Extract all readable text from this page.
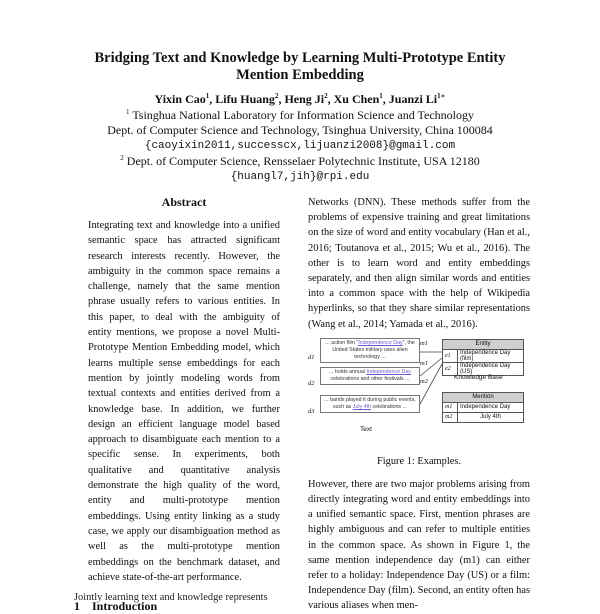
Bridging Text and Knowledge by Learning Multi-Prototype Entity
Mention Embedding
Yixin Cao$^1$, Lifu Huang$^2$, Heng Ji$^2$, Xu Chen$^1$, Juanzi $Li^{1∗}$
$^1$ Tsinghua National Laboratory for Information Science and Technology
Dept. of Computer Science and Technology, Tsinghua University, China 100084
{caoyixin2011,successcx,lijuanzi2008}@gmail.com
$^2$ Dept. of Computer Science, Rensselaer Polytechnic Institute, USA 12180
{huangl7,jih}@rpi.edu
Abstract
Integrating text and knowledge into a unified semantic space has attracted significant research interests recently. However, the ambiguity in the common space remains a challenge, namely that the same mention phrase usually refers to various entities. In this paper, to deal with the ambiguity of entity mentions, we propose a novel Multi-Prototype Mention Embedding model, which learns multiple sense embeddings for each mention by jointly modeling words from textual contexts and entities derived from a knowledge base. In addition, we further design an efficient language model based approach to disambiguate each mention to a specific sense. In experiments, both qualitative and quantitative analysis demonstrate the high quality of the word, entity and multi-prototype mention embeddings. Using entity linking as a study case, we apply our disambiguation method as well as the multi-prototype mention embeddings on the benchmark dataset, and achieve state-of-the-art performance.
1 Introduction
Jointly learning text and knowledge represents
Networks (DNN). These methods suffer from the problems of expensive training and great limitations on the size of word and entity vocabulary (Han et al., 2016; Toutanova et al., 2015; Wu et al., 2016). The other is to learn word and entity embeddings separately, and then align similar words and entities into a common space with the help of Wikipedia hyperlinks, so that they share similar representations (Wang et al., 2014; Yamada et al., 2016).
d1
... action film “Independence Day”, the United States military uses alien technology ...
d2
... holds annual Independence Day celebrations and other festivals ...
d3
... bands played it during public events, such as July 4th celebrations ...
Text
m1
m1
m2
Entity	
e1	Independence Day (film)
e2	Independence Day (US)
Knowledge Base
Mention	
m1	Independence Day
m2	July 4th
Figure 1: Examples.
However, there are two major problems arising from directly integrating word and entity embeddings into a unified semantic space. First, mention phrases are highly ambiguous and can refer to multiple entities in the common space. As shown in Figure 1, the same mention independence day (m1) can either refer to a holiday: Independence Day (US) or a film: Independence Day (film). Second, an entity often has various aliases when men-
